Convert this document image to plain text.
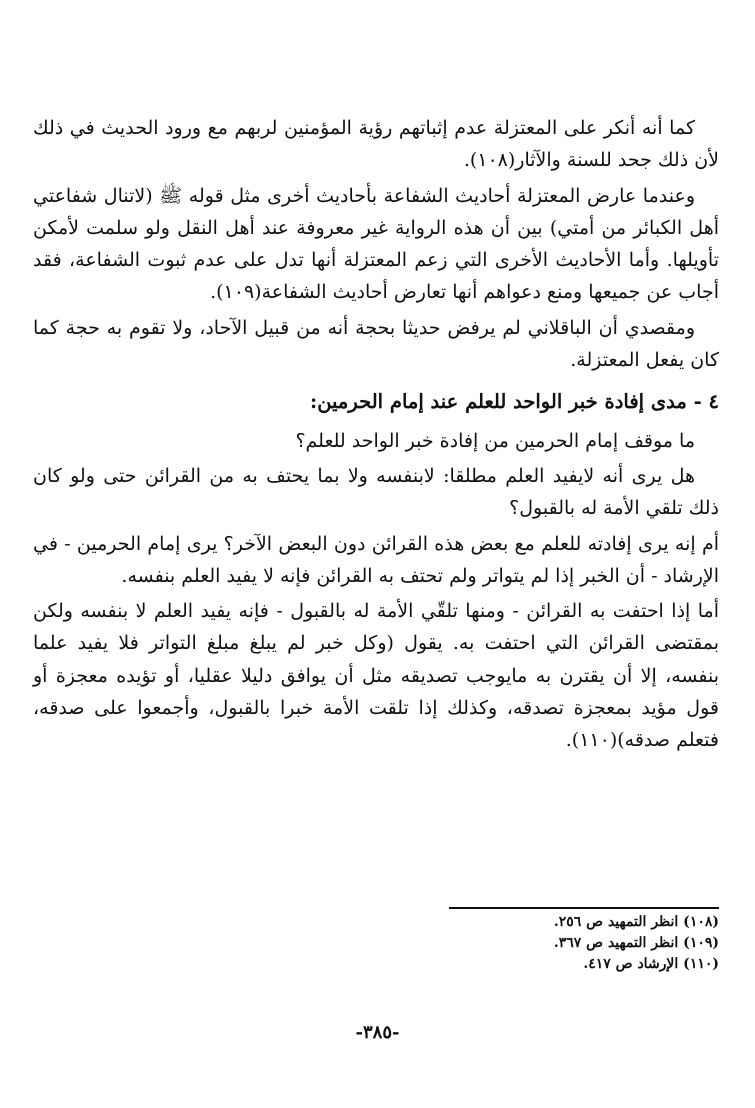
كما أنه أنكر على المعتزلة عدم إثباتهم رؤية المؤمنين لربهم مع ورود الحديث في ذلك لأن ذلك جحد للسنة والآثار(١٠٨).

وعندما عارض المعتزلة أحاديث الشفاعة بأحاديث أخرى مثل قوله ﷺ (لاتنال شفاعتي أهل الكبائر من أمتي) بين أن هذه الرواية غير معروفة عند أهل النقل ولو سلمت لأمكن تأويلها. وأما الأحاديث الأخرى التي زعم المعتزلة أنها تدل على عدم ثبوت الشفاعة، فقد أجاب عن جميعها ومنع دعواهم أنها تعارض أحاديث الشفاعة(١٠٩).

ومقصدي أن الباقلاني لم يرفض حديثا بحجة أنه من قبيل الآحاد، ولا تقوم به حجة كما كان يفعل المعتزلة.

٤ - مدى إفادة خبر الواحد للعلم عند إمام الحرمين:

ما موقف إمام الحرمين من إفادة خبر الواحد للعلم؟

هل يرى أنه لايفيد العلم مطلقا: لابنفسه ولا بما يحتف به من القرائن حتى ولو كان ذلك تلقي الأمة له بالقبول؟

أم إنه يرى إفادته للعلم مع بعض هذه القرائن دون البعض الآخر؟ يرى إمام الحرمين - في الإرشاد - أن الخبر إذا لم يتواتر ولم تحتف به القرائن فإنه لا يفيد العلم بنفسه.

أما إذا احتفت به القرائن - ومنها تلقّي الأمة له بالقبول - فإنه يفيد العلم لا بنفسه ولكن بمقتضى القرائن التي احتفت به. يقول (وكل خبر لم يبلغ مبلغ التواتر فلا يفيد علما بنفسه، إلا أن يقترن به مايوجب تصديقه مثل أن يوافق دليلا عقليا، أو تؤيده معجزة أو قول مؤيد بمعجزة تصدقه، وكذلك إذا تلقت الأمة خبرا بالقبول، وأجمعوا على صدقه، فتعلم صدقه)(١١٠).

(١٠٨) انظر التمهيد ص ٢٥٦.
(١٠٩) انظر التمهيد ص ٣٦٧.
(١١٠) الإرشاد ص ٤١٧.
-٣٨٥-
